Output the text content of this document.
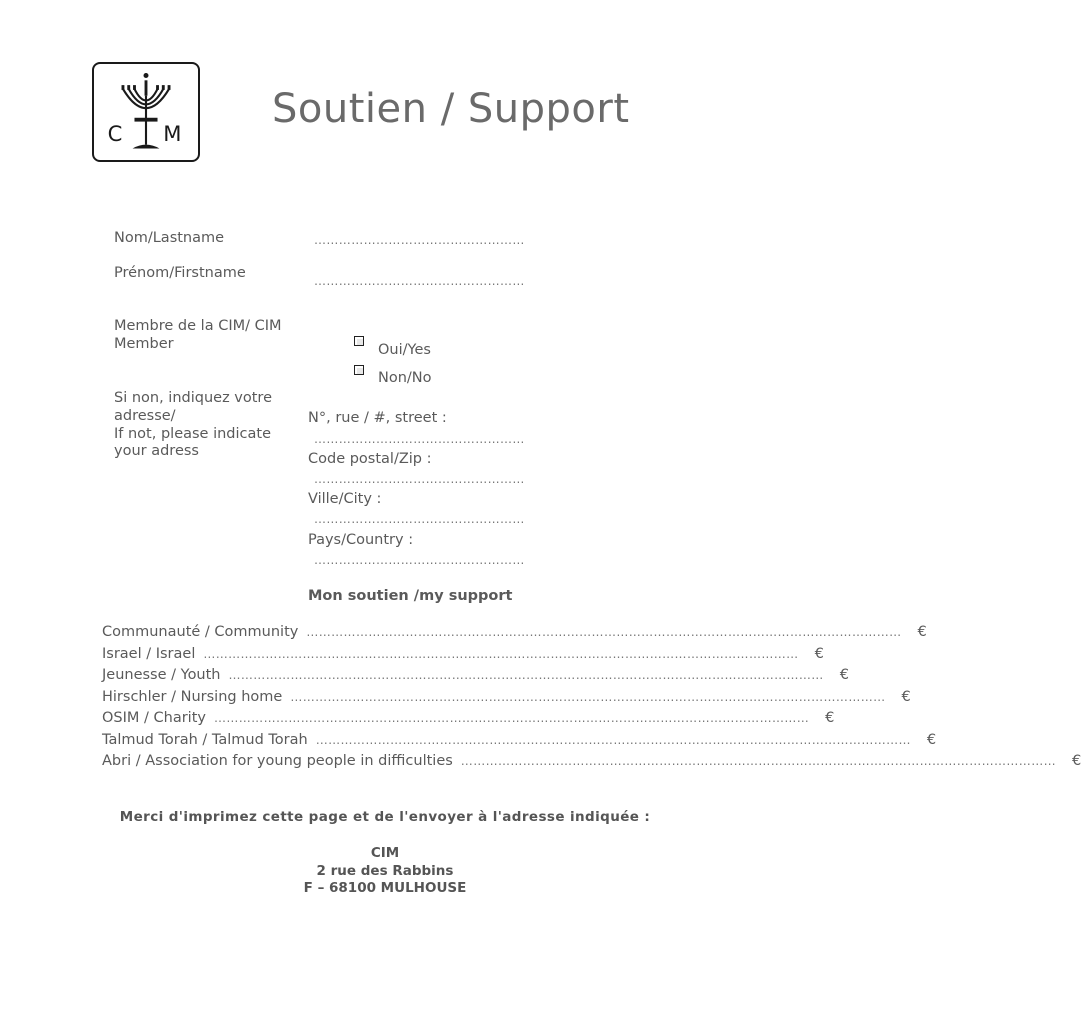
C M
Soutien / Support
Nom/Lastname	……………………………………………
Prénom/Firstname	……………………………………………
Membre de la CIM/ CIM
Member	Oui/Yes
Non/No
Si non, indiquez votre
adresse/
If not, please indicate
your adress
N°, rue / #, street :
……………………………………………
Code postal/Zip :
……………………………………………
Ville/City :
……………………………………………
Pays/Country :
……………………………………………
Mon soutien /my support
Communauté / Community ……………………………………………………………………………………………………………………………… €
Israel / Israel ……………………………………………………………………………………………………………………………… €
Jeunesse / Youth ……………………………………………………………………………………………………………………………… €
Hirschler / Nursing home ……………………………………………………………………………………………………………………………… €
OSIM / Charity ……………………………………………………………………………………………………………………………… €
Talmud Torah / Talmud Torah ……………………………………………………………………………………………………………………………… €
Abri / Association for young people in difficulties ……………………………………………………………………………………………………………………………… €
Merci d'imprimez cette page et de l'envoyer à l'adresse indiquée :
CIM
2 rue des Rabbins
F – 68100 MULHOUSE
